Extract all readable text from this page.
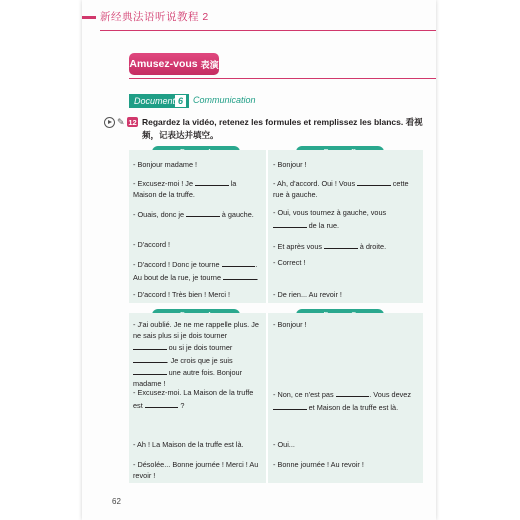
新经典法语听说教程 2
Amusez-vous 表演
Document 6	Communication
✎ 12 Regardez la vidéo, retenez les formules et remplissez les blancs. 看视频，记表达并填空。
- Bonjour madame !
- Excusez-moi ! Je	la Maison de la truffe.
- Ouais, donc je	à gauche.
- D'accord !
- D'accord ! Donc je tourne	. Au bout de la rue, je tourne	.
- D'accord ! Très bien ! Merci !
- Bonjour !
- Ah, d'accord. Oui ! Vous	cette rue à gauche.
- Oui, vous tournez à gauche, vous  de la rue.
- Et après vous	à droite.
- Correct !
- De rien... Au revoir !
- J'ai oublié. Je ne me rappelle plus. Je ne sais plus si je dois tourner  ou si je dois tourner . Je crois que je suis  une autre fois. Bonjour madame !
- Excusez-moi. La Maison de la truffe est	?
- Ah ! La Maison de la truffe est là.
- Désolée... Bonne journée ! Merci ! Au revoir !
- Bonjour !
- Non, ce n'est pas	. Vous devez  et Maison de la truffe est là.
- Oui...
- Bonne journée ! Au revoir !
62
